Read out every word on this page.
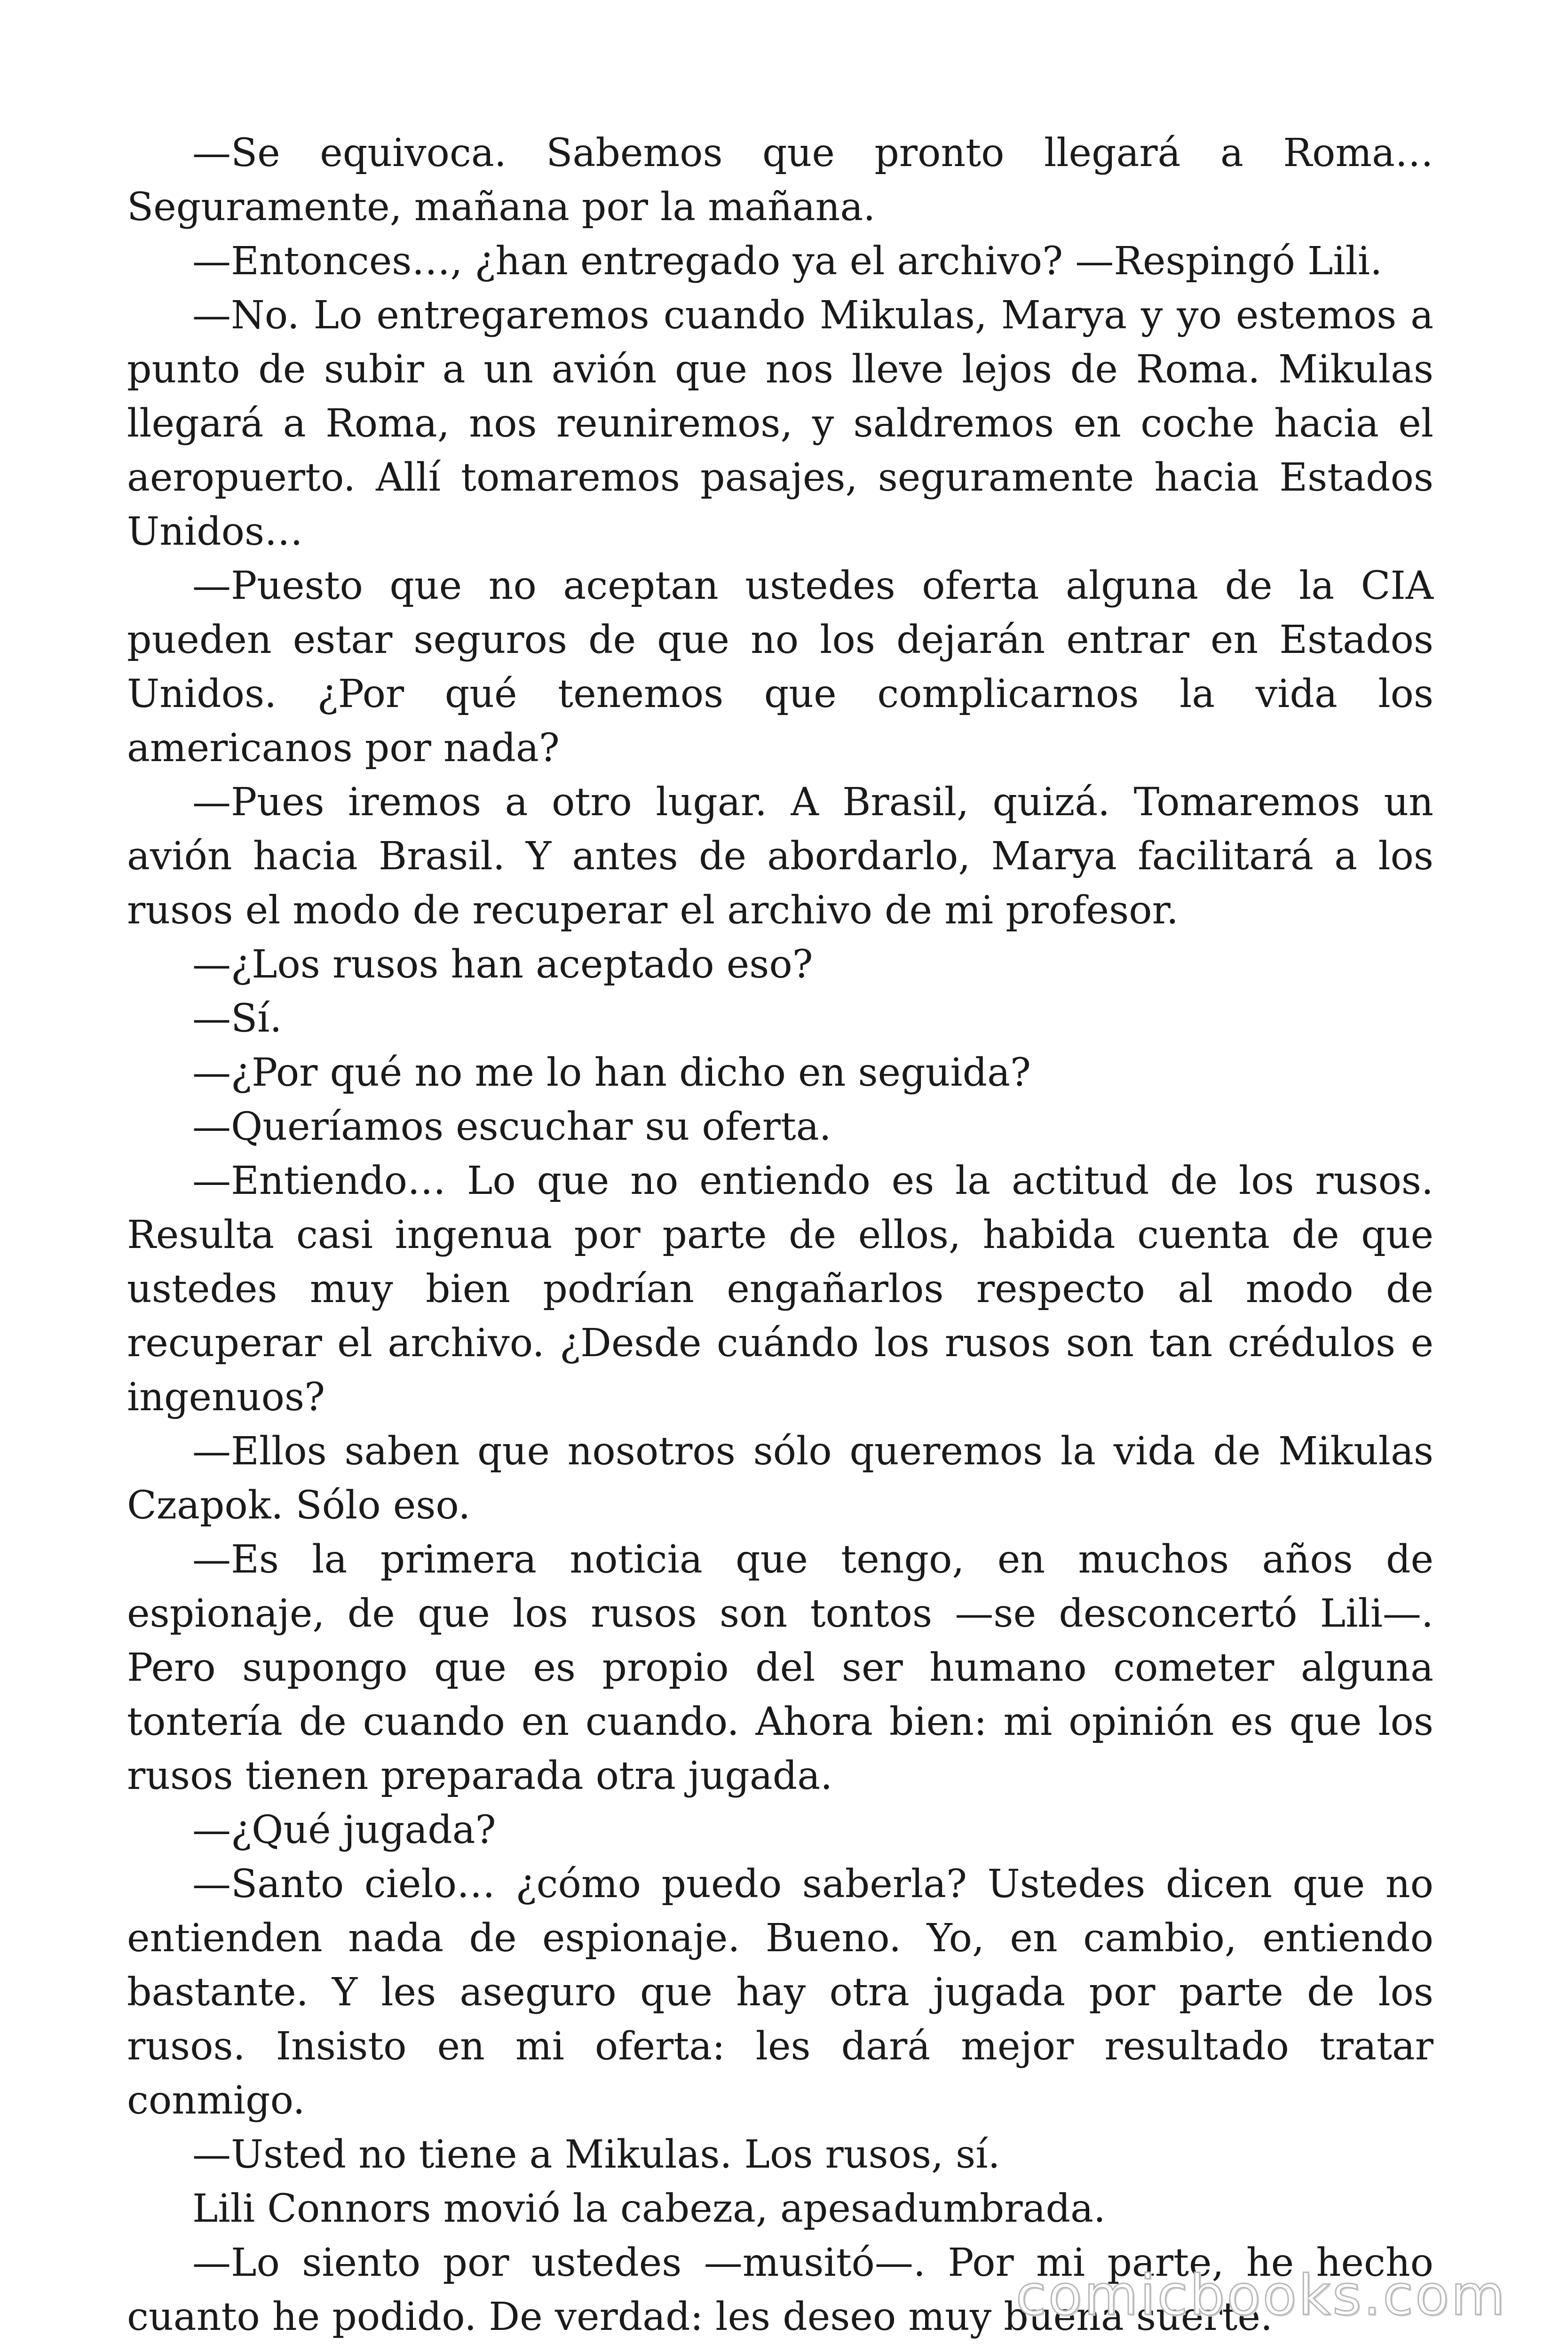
—Se equivoca. Sabemos que pronto llegará a Roma… Seguramente, mañana por la mañana.

—Entonces…, ¿han entregado ya el archivo? —Respingó Lili.

—No. Lo entregaremos cuando Mikulas, Marya y yo estemos a punto de subir a un avión que nos lleve lejos de Roma. Mikulas llegará a Roma, nos reuniremos, y saldremos en coche hacia el aeropuerto. Allí tomaremos pasajes, seguramente hacia Estados Unidos…

—Puesto que no aceptan ustedes oferta alguna de la CIA pueden estar seguros de que no los dejarán entrar en Estados Unidos. ¿Por qué tenemos que complicarnos la vida los americanos por nada?

—Pues iremos a otro lugar. A Brasil, quizá. Tomaremos un avión hacia Brasil. Y antes de abordarlo, Marya facilitará a los rusos el modo de recuperar el archivo de mi profesor.

—¿Los rusos han aceptado eso?

—Sí.

—¿Por qué no me lo han dicho en seguida?

—Queríamos escuchar su oferta.

—Entiendo… Lo que no entiendo es la actitud de los rusos. Resulta casi ingenua por parte de ellos, habida cuenta de que ustedes muy bien podrían engañarlos respecto al modo de recuperar el archivo. ¿Desde cuándo los rusos son tan crédulos e ingenuos?

—Ellos saben que nosotros sólo queremos la vida de Mikulas Czapok. Sólo eso.

—Es la primera noticia que tengo, en muchos años de espionaje, de que los rusos son tontos —se desconcertó Lili—. Pero supongo que es propio del ser humano cometer alguna tontería de cuando en cuando. Ahora bien: mi opinión es que los rusos tienen preparada otra jugada.

—¿Qué jugada?

—Santo cielo… ¿cómo puedo saberla? Ustedes dicen que no entienden nada de espionaje. Bueno. Yo, en cambio, entiendo bastante. Y les aseguro que hay otra jugada por parte de los rusos. Insisto en mi oferta: les dará mejor resultado tratar conmigo.

—Usted no tiene a Mikulas. Los rusos, sí.

Lili Connors movió la cabeza, apesadumbrada.

—Lo siento por ustedes —musitó—. Por mi parte, he hecho cuanto he podido. De verdad: les deseo muy buena suerte.

comicbooks.com
